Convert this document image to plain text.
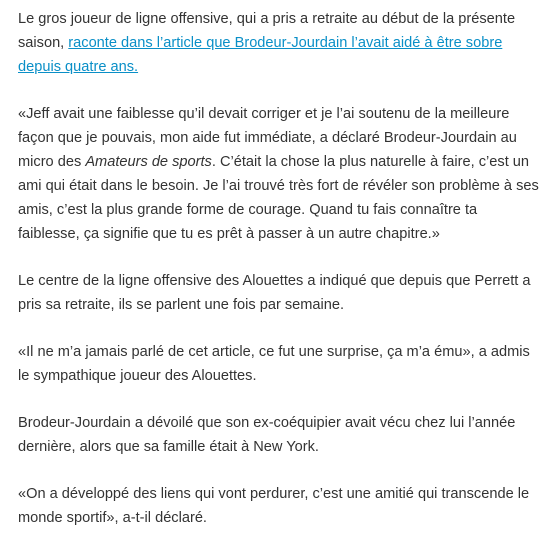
Le gros joueur de ligne offensive, qui a pris a retraite au début de la présente saison, raconte dans l’article que Brodeur-Jourdain l’avait aidé à être sobre depuis quatre ans.

«Jeff avait une faiblesse qu’il devait corriger et je l’ai soutenu de la meilleure façon que je pouvais, mon aide fut immédiate, a déclaré Brodeur-Jourdain au micro des Amateurs de sports. C’était la chose la plus naturelle à faire, c’est un ami qui était dans le besoin. Je l’ai trouvé très fort de révéler son problème à ses amis, c’est la plus grande forme de courage. Quand tu fais connaître ta faiblesse, ça signifie que tu es prêt à passer à un autre chapitre.»

Le centre de la ligne offensive des Alouettes a indiqué que depuis que Perrett a pris sa retraite, ils se parlent une fois par semaine.

«Il ne m’a jamais parlé de cet article, ce fut une surprise, ça m’a ému», a admis le sympathique joueur des Alouettes.

Brodeur-Jourdain a dévoilé que son ex-coéquipier avait vécu chez lui l’année dernière, alors que sa famille était à New York.

«On a développé des liens qui vont perdurer, c’est une amitié qui transcende le monde sportif», a-t-il déclaré.
